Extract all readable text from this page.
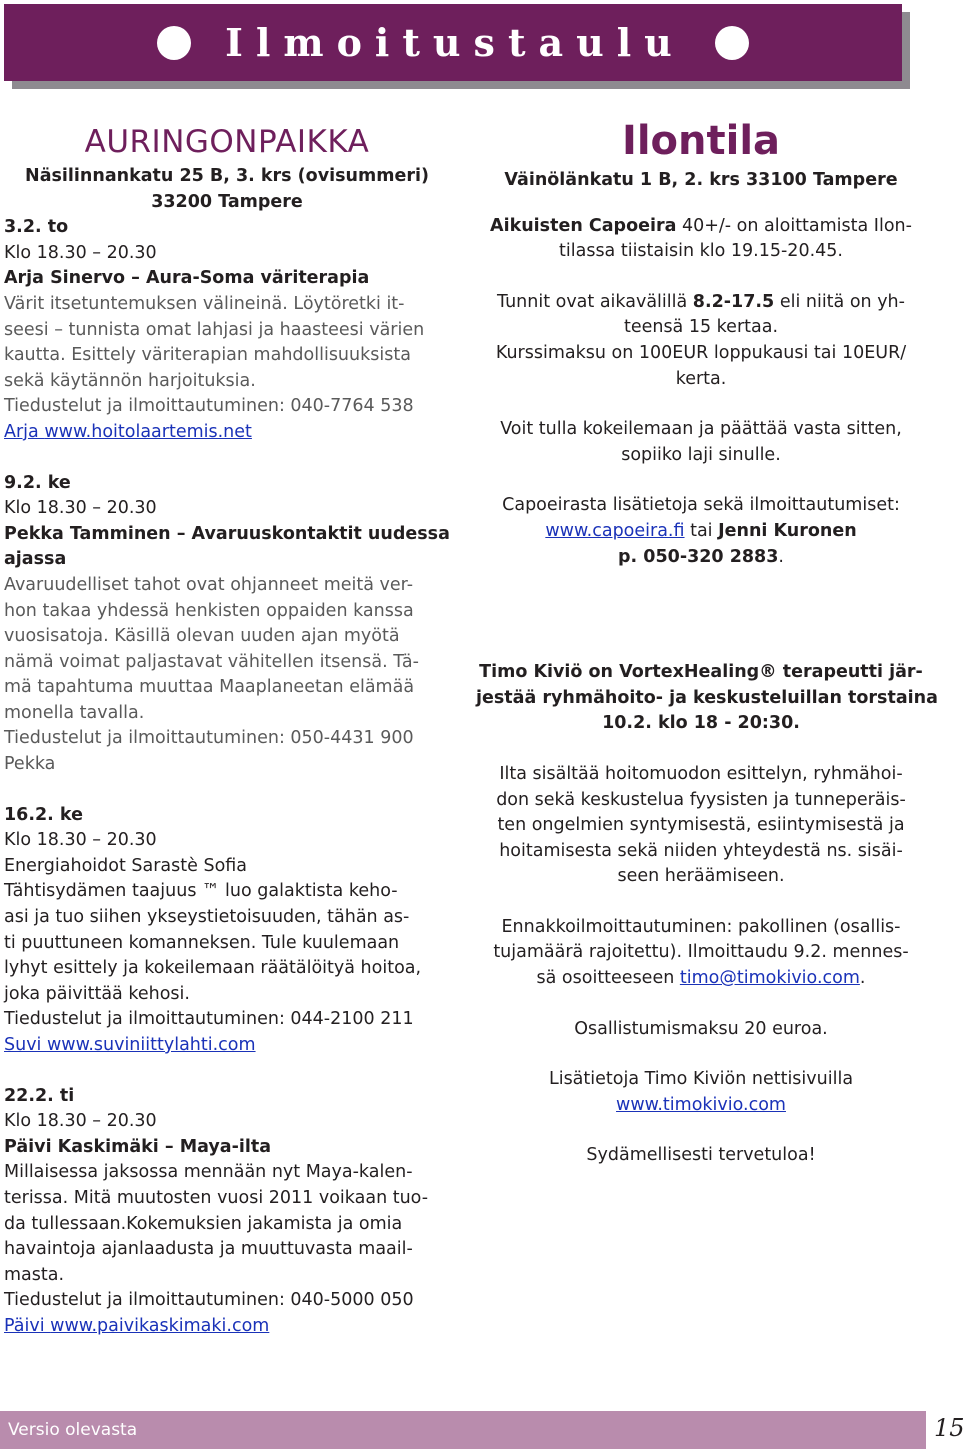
Ilmoitustaulu
AURINGONPAIKKA
Näsilinnankatu 25 B, 3. krs (ovisummeri)
33200 Tampere
3.2. to
Klo 18.30 – 20.30
Arja Sinervo – Aura-Soma väriterapia
Värit itsetuntemuksen välineinä. Löytöretki it-
seesi – tunnista omat lahjasi ja haasteesi värien
kautta. Esittely väriterapian mahdollisuuksista
sekä käytännön harjoituksia.
Tiedustelut ja ilmoittautuminen: 040-7764 538
Arja www.hoitolaartemis.net
9.2. ke
Klo 18.30 – 20.30
Pekka Tamminen – Avaruuskontaktit uudessa
ajassa
Avaruudelliset tahot ovat ohjanneet meitä ver-
hon takaa yhdessä henkisten oppaiden kanssa
vuosisatoja. Käsillä olevan uuden ajan myötä
nämä voimat paljastavat vähitellen itsensä. Tä-
mä tapahtuma muuttaa Maaplaneetan elämää
monella tavalla.
Tiedustelut ja ilmoittautuminen: 050-4431 900
Pekka
16.2. ke
Klo 18.30 – 20.30
Energiahoidot Sarastè Sofia
Tähtisydämen taajuus ™ luo galaktista keho-
asi ja tuo siihen ykseystietoisuuden, tähän as-
ti puuttuneen komanneksen. Tule kuulemaan
lyhyt esittely ja kokeilemaan räätälöityä hoitoa,
joka päivittää kehosi.
Tiedustelut ja ilmoittautuminen: 044-2100 211
Suvi www.suviniittylahti.com
22.2. ti
Klo 18.30 – 20.30
Päivi Kaskimäki – Maya-ilta
Millaisessa jaksossa mennään nyt Maya-kalen-
terissa. Mitä muutosten vuosi 2011 voikaan tuo-
da tullessaan.Kokemuksien jakamista ja omia
havaintoja ajanlaadusta ja muuttuvasta maail-
masta.
Tiedustelut ja ilmoittautuminen: 040-5000 050
Päivi www.paivikaskimaki.com
Ilontila
Väinölänkatu 1 B, 2. krs 33100 Tampere
Aikuisten Capoeira 40+/- on aloittamista Ilon-
tilassa tiistaisin klo 19.15-20.45.
Tunnit ovat aikavälillä 8.2-17.5 eli niitä on yh-
teensä 15 kertaa.
Kurssimaksu on 100EUR loppukausi tai 10EUR/
kerta.
Voit tulla kokeilemaan ja päättää vasta sitten,
sopiiko laji sinulle.
Capoeirasta lisätietoja sekä ilmoittautumiset:
www.capoeira.fi tai Jenni Kuronen
p. 050-320 2883.
Timo Kiviö on VortexHealing® terapeutti jär-
jestää ryhmähoito- ja keskusteluillan torstaina
10.2. klo 18 - 20:30.
Ilta sisältää hoitomuodon esittelyn, ryhmähoi-
don sekä keskustelua fyysisten ja tunneperäis-
ten ongelmien syntymisestä, esiintymisestä ja
hoitamisesta sekä niiden yhteydestä ns. sisäi-
seen heräämiseen.
Ennakkoilmoittautuminen: pakollinen (osallis-
tujamäärä rajoitettu). Ilmoittaudu 9.2. mennes-
sä osoitteeseen timo@timokivio.com.
Osallistumismaksu 20 euroa.
Lisätietoja Timo Kiviön nettisivuilla
www.timokivio.com
Sydämellisesti tervetuloa!
Versio olevasta	15
